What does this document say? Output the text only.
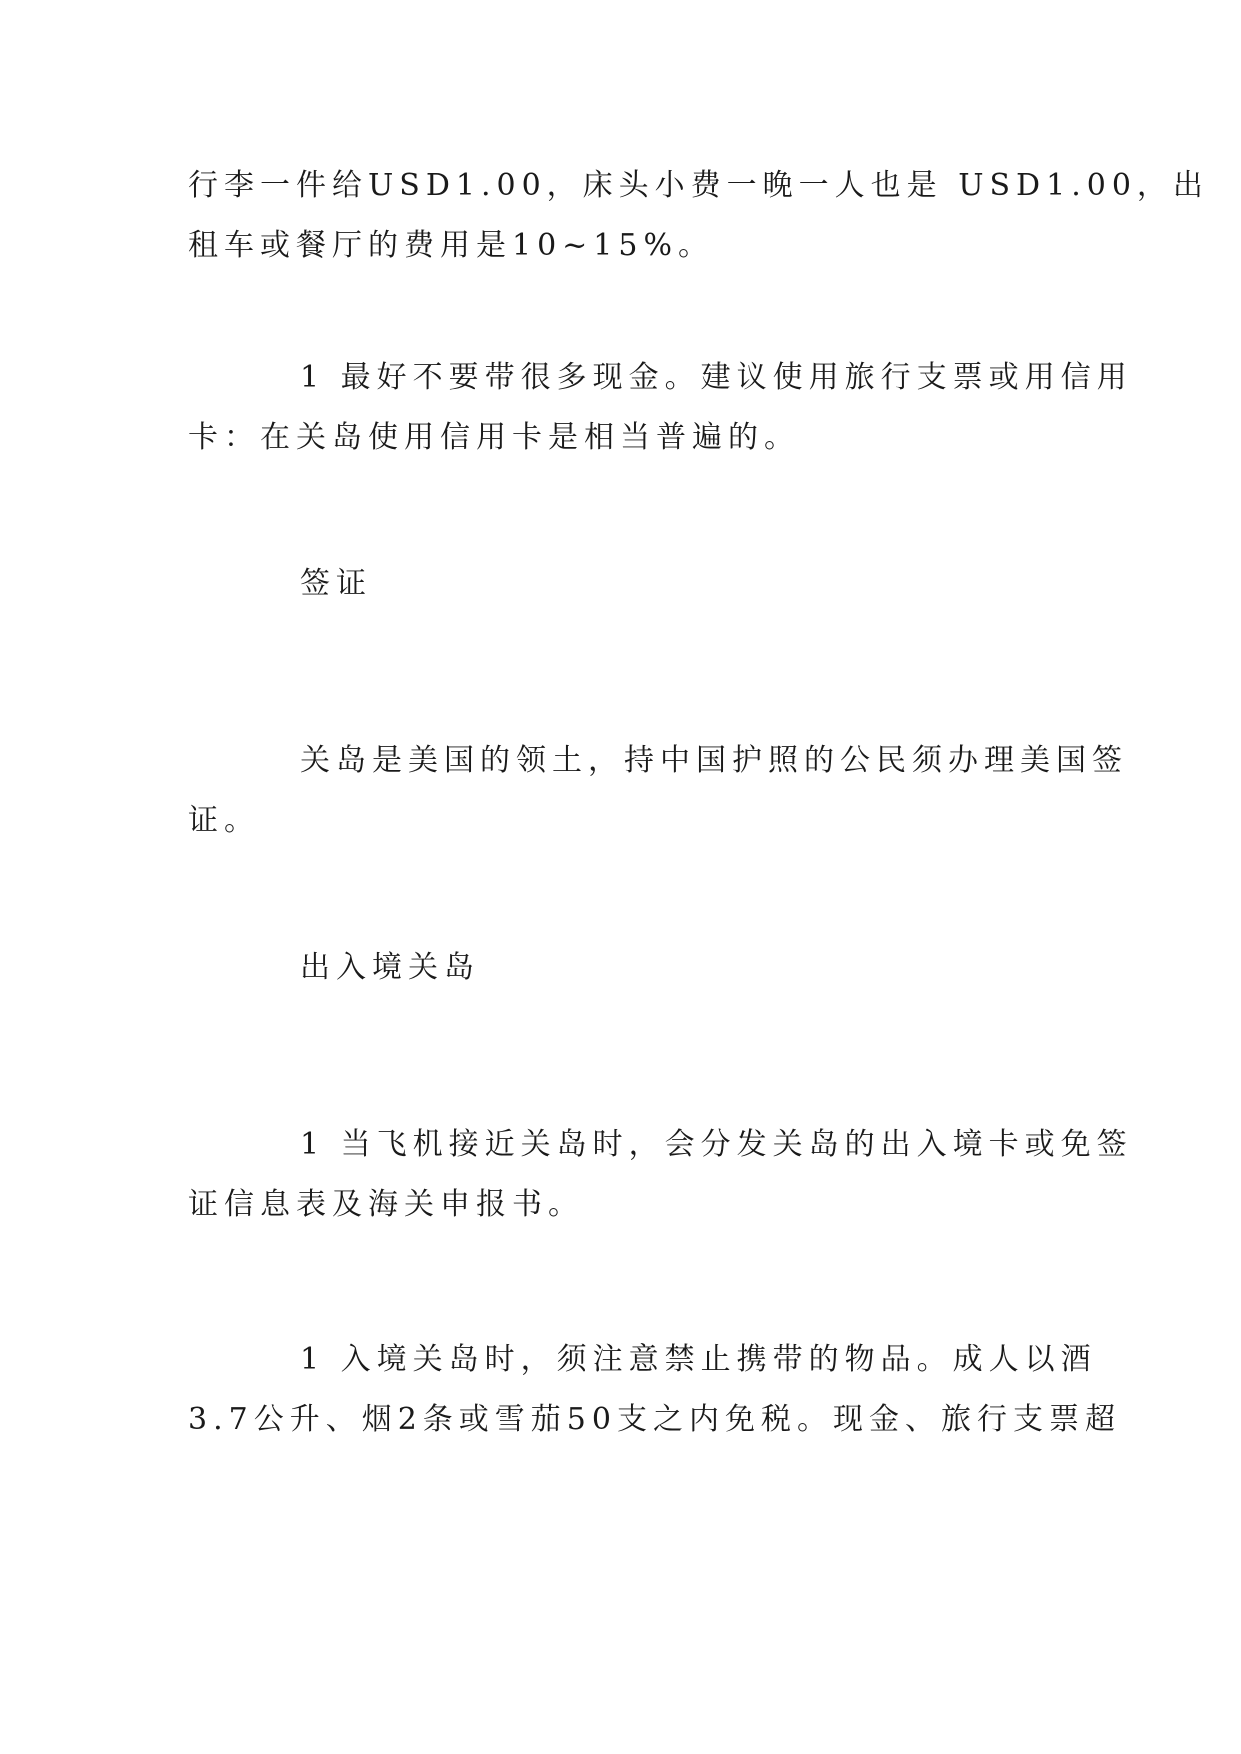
行李一件给USD1.00，床头小费一晚一人也是 USD1.00，出
租车或餐厅的费用是10~15%。
1 最好不要带很多现金。建议使用旅行支票或用信用
卡：在关岛使用信用卡是相当普遍的。
签证
关岛是美国的领土，持中国护照的公民须办理美国签
证。
出入境关岛
1 当飞机接近关岛时，会分发关岛的出入境卡或免签
证信息表及海关申报书。
1 入境关岛时，须注意禁止携带的物品。成人以酒
3.7公升、烟2条或雪茄50支之内免税。现金、旅行支票超
